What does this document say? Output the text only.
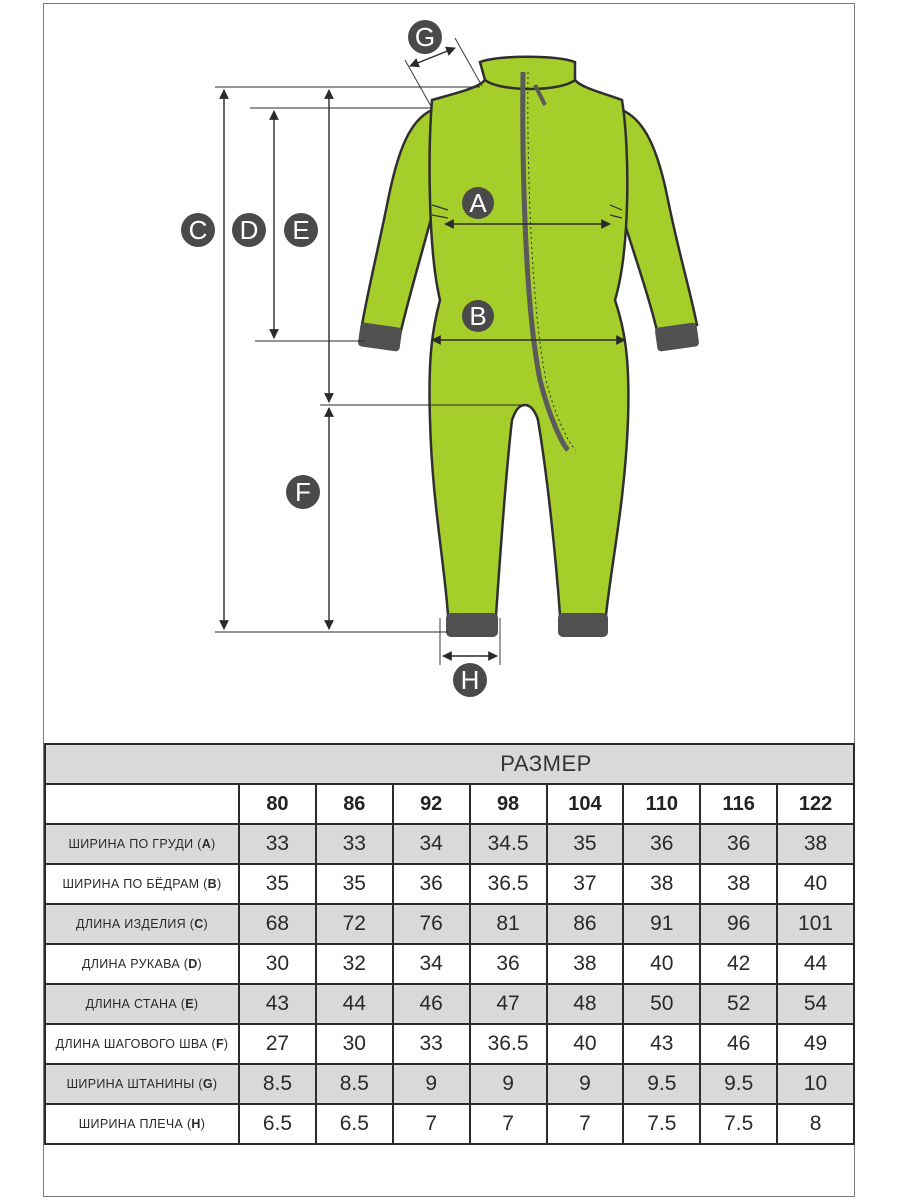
A
B
C D E
F
G
H
	РАЗМЕР							
	80	86	92	98	104	110	116	122
ШИРИНА ПО ГРУДИ (A)	33	33	34	34.5	35	36	36	38
ШИРИНА ПО БЁДРАМ (B)	35	35	36	36.5	37	38	38	40
ДЛИНА ИЗДЕЛИЯ (C)	68	72	76	81	86	91	96	101
ДЛИНА РУКАВА (D)	30	32	34	36	38	40	42	44
ДЛИНА СТАНА (E)	43	44	46	47	48	50	52	54
ДЛИНА ШАГОВОГО ШВА (F)	27	30	33	36.5	40	43	46	49
ШИРИНА ШТАНИНЫ (G)	8.5	8.5	9	9	9	9.5	9.5	10
ШИРИНА ПЛЕЧА (H)	6.5	6.5	7	7	7	7.5	7.5	8
